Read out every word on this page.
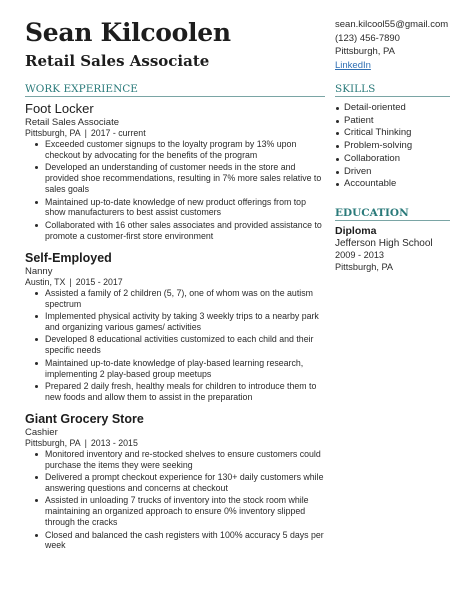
Sean Kilcoolen
Retail Sales Associate
sean.kilcool55@gmail.com
(123) 456-7890
Pittsburgh, PA
LinkedIn
WORK EXPERIENCE
Foot Locker
Retail Sales Associate
Pittsburgh, PA | 2017 - current
Exceeded customer signups to the loyalty program by 13% upon checkout by advocating for the benefits of the program
Developed an understanding of customer needs in the store and provided shoe recommendations, resulting in 7% more sales relative to sales goals
Maintained up-to-date knowledge of new product offerings from top show manufacturers to best assist customers
Collaborated with 16 other sales associates and provided assistance to promote a customer-first store environment
Self-Employed
Nanny
Austin, TX | 2015 - 2017
Assisted a family of 2 children (5, 7), one of whom was on the autism spectrum
Implemented physical activity by taking 3 weekly trips to a nearby park and organizing various games/ activities
Developed 8 educational activities customized to each child and their specific needs
Maintained up-to-date knowledge of play-based learning research, implementing 2 play-based group meetups
Prepared 2 daily fresh, healthy meals for children to introduce them to new foods and allow them to assist in the preparation
Giant Grocery Store
Cashier
Pittsburgh, PA | 2013 - 2015
Monitored inventory and re-stocked shelves to ensure customers could purchase the items they were seeking
Delivered a prompt checkout experience for 130+ daily customers while answering questions and concerns at checkout
Assisted in unloading 7 trucks of inventory into the stock room while maintaining an organized approach to ensure 0% inventory slipped through the cracks
Closed and balanced the cash registers with 100% accuracy 5 days per week
SKILLS
Detail-oriented
Patient
Critical Thinking
Problem-solving
Collaboration
Driven
Accountable
EDUCATION
Diploma
Jefferson High School
2009 - 2013
Pittsburgh, PA
